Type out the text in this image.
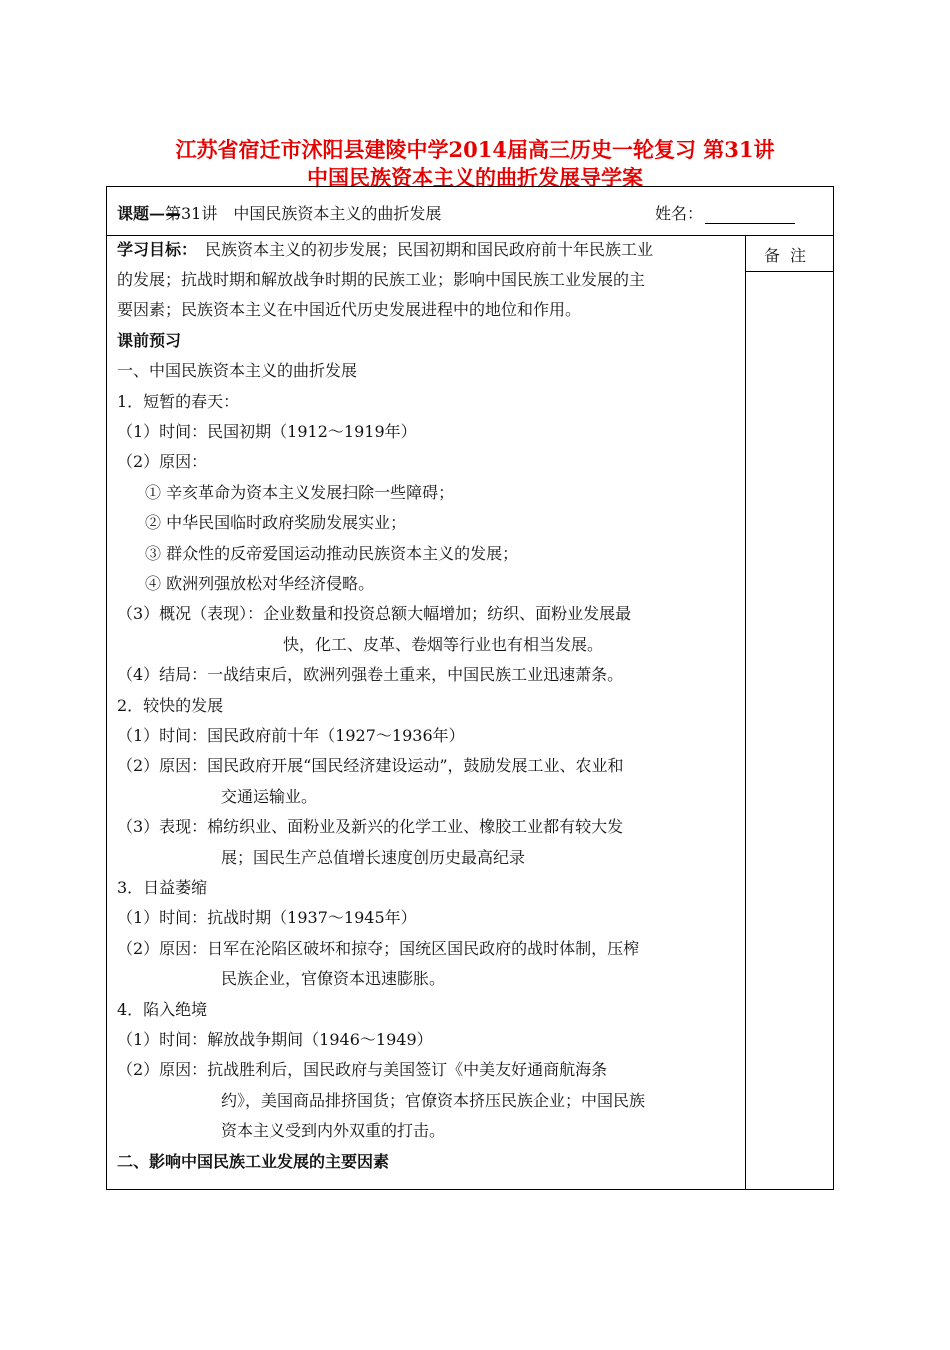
江苏省宿迁市沭阳县建陵中学2014届高三历史一轮复习 第31讲
中国民族资本主义的曲折发展导学案
课题——
第31讲　中国民族资本主义的曲折发展	姓名：
备注
学习目标： 民族资本主义的初步发展；民国初期和国民政府前十年民族工业
的发展；抗战时期和解放战争时期的民族工业；影响中国民族工业发展的主
要因素；民族资本主义在中国近代历史发展进程中的地位和作用。
课前预习
一、中国民族资本主义的曲折发展
1．短暂的春天：
（1）时间：民国初期（1912～1919年）
（2）原因：
① 辛亥革命为资本主义发展扫除一些障碍；
② 中华民国临时政府奖励发展实业；
③ 群众性的反帝爱国运动推动民族资本主义的发展；
④ 欧洲列强放松对华经济侵略。
（3）概况（表现）：企业数量和投资总额大幅增加；纺织、面粉业发展最
快，化工、皮革、卷烟等行业也有相当发展。
（4）结局：一战结束后，欧洲列强卷土重来，中国民族工业迅速萧条。
2．较快的发展
（1）时间：国民政府前十年（1927～1936年）
（2）原因：国民政府开展“国民经济建设运动”，鼓励发展工业、农业和
交通运输业。
（3）表现：棉纺织业、面粉业及新兴的化学工业、橡胶工业都有较大发
展；国民生产总值增长速度创历史最高纪录
3．日益萎缩
（1）时间：抗战时期（1937～1945年）
（2）原因：日军在沦陷区破坏和掠夺；国统区国民政府的战时体制，压榨
民族企业，官僚资本迅速膨胀。
4．陷入绝境
（1）时间：解放战争期间（1946～1949）
（2）原因：抗战胜利后，国民政府与美国签订《中美友好通商航海条
约》，美国商品排挤国货；官僚资本挤压民族企业；中国民族
资本主义受到内外双重的打击。
二、影响中国民族工业发展的主要因素
